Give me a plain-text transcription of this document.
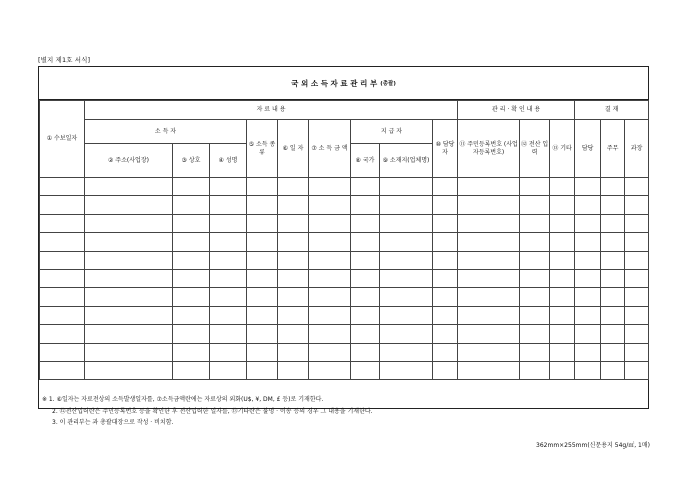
[별지 제1호 서식]
국 외 소 득 자 료 관 리 부 (총괄)
① 수보일자	자 료 내 용									관 리 · 확 인 내 용			결 재		
	소 득 자			⑤ 소득 종류	⑥ 일 자	⑦ 소 득 금 액	지 급 자		⑩ 담당자	⑪ 주민등록번호 (사업자등록번호)	⑫ 전산 입력	⑬ 기타	담당	주무	과장
	② 주소(사업장)	③ 상호	④ 성명				⑧ 국가	⑨ 소재지(업체명)							

※ 1. ⑥일자는 자료전상의 소득발생일자를, ⑦소득금액란에는 자료상의 외화(U$, ¥, DM, £ 등)로 기재한다.
2. ⑫전산입력란은 주민등록번호 등을 확인한 후 전산입력한 일자를, ⑬기타란은 불명 · 이송 등의 경우 그 내용을 기재한다.
3. 이 관리부는 과 총괄대장으로 작성 · 비치함.
362mm×255mm(신문용지 54g/㎡, 1매)
